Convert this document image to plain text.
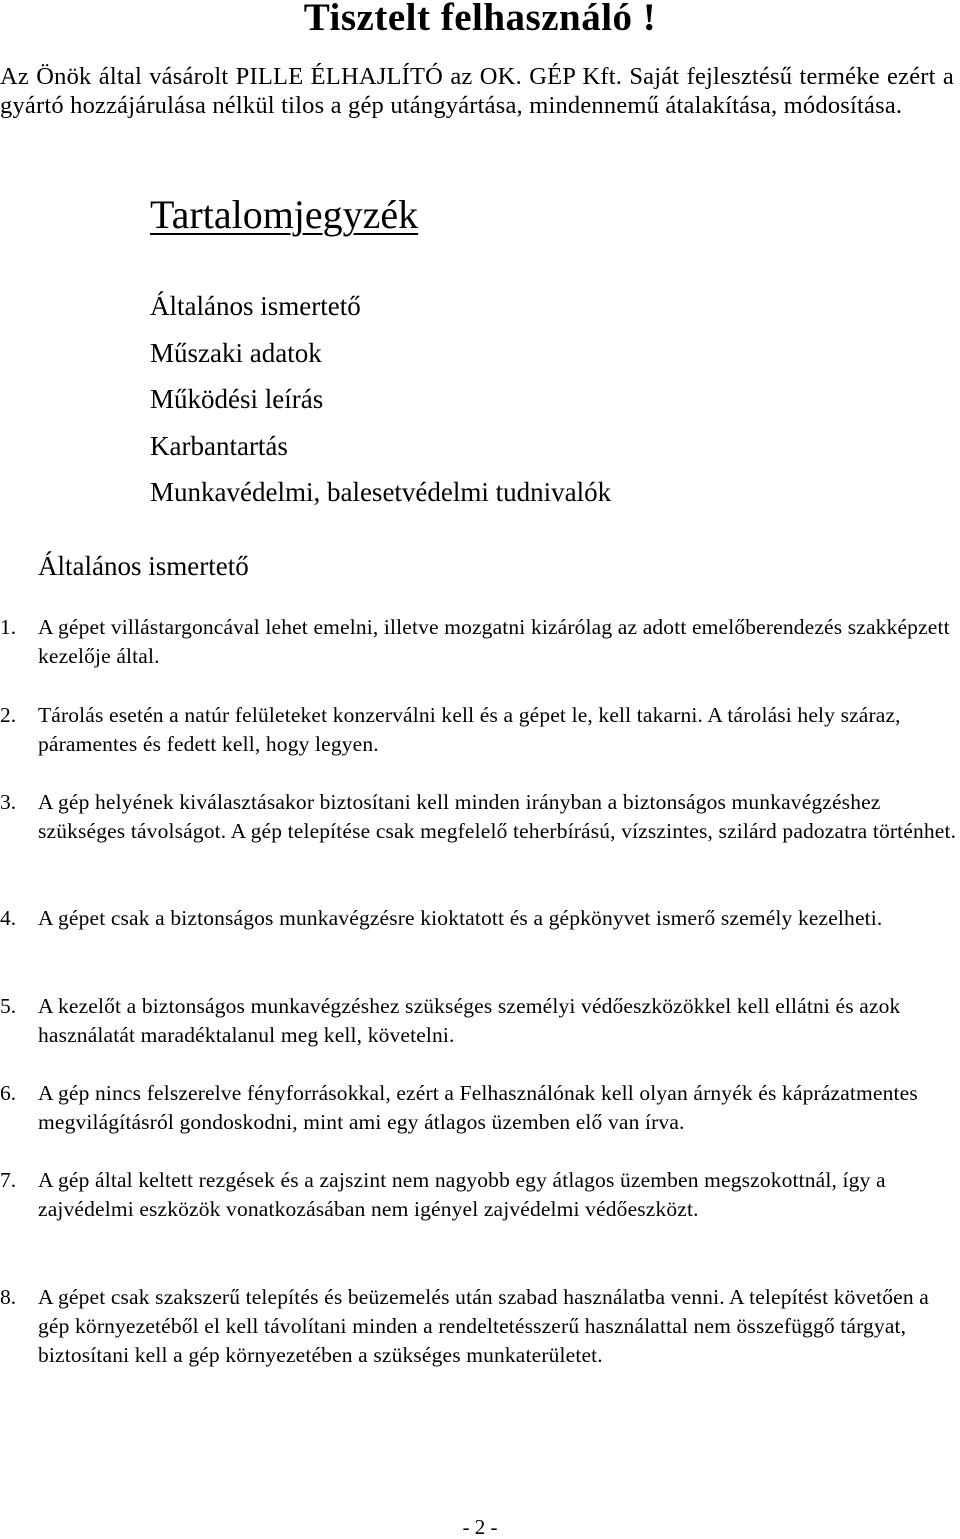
Tisztelt felhasználó !
Az Önök által vásárolt PILLE ÉLHAJLÍTÓ az OK. GÉP Kft. Saját fejlesztésű terméke ezért a gyártó hozzájárulása nélkül tilos a gép utángyártása, mindennemű átalakítása, módosítása.
Tartalomjegyzék
Általános ismertető
Műszaki adatok
Működési leírás
Karbantartás
Munkavédelmi, balesetvédelmi tudnivalók
Általános ismertető
1. A gépet villástargoncával lehet emelni, illetve mozgatni kizárólag az adott emelőberendezés szakképzett kezelője által.
2. Tárolás esetén a natúr felületeket konzerválni kell és a gépet le, kell takarni. A tárolási hely száraz, páramentes és fedett kell, hogy legyen.
3. A gép helyének kiválasztásakor biztosítani kell minden irányban a biztonságos munkavégzéshez szükséges távolságot. A gép telepítése csak megfelelő teherbírású, vízszintes, szilárd padozatra történhet.
4. A gépet csak a biztonságos munkavégzésre kioktatott és a gépkönyvet ismerő személy kezelheti.
5. A kezelőt a biztonságos munkavégzéshez szükséges személyi védőeszközökkel kell ellátni és azok használatát maradéktalanul meg kell, követelni.
6. A gép nincs felszerelve fényforrásokkal, ezért a Felhasználónak kell olyan árnyék és káprázatmentes megvilágításról gondoskodni, mint ami egy átlagos üzemben elő van írva.
7. A gép által keltett rezgések és a zajszint nem nagyobb egy átlagos üzemben megszokottnál, így a zajvédelmi eszközök vonatkozásában nem igényel zajvédelmi védőeszközt.
8. A gépet csak szakszerű telepítés és beüzemelés után szabad használatba venni. A telepítést követően a gép környezetéből el kell távolítani minden a rendeltetésszerű használattal nem összefüggő tárgyat, biztosítani kell a gép környezetében a szükséges munkaterületet.
- 2 -
